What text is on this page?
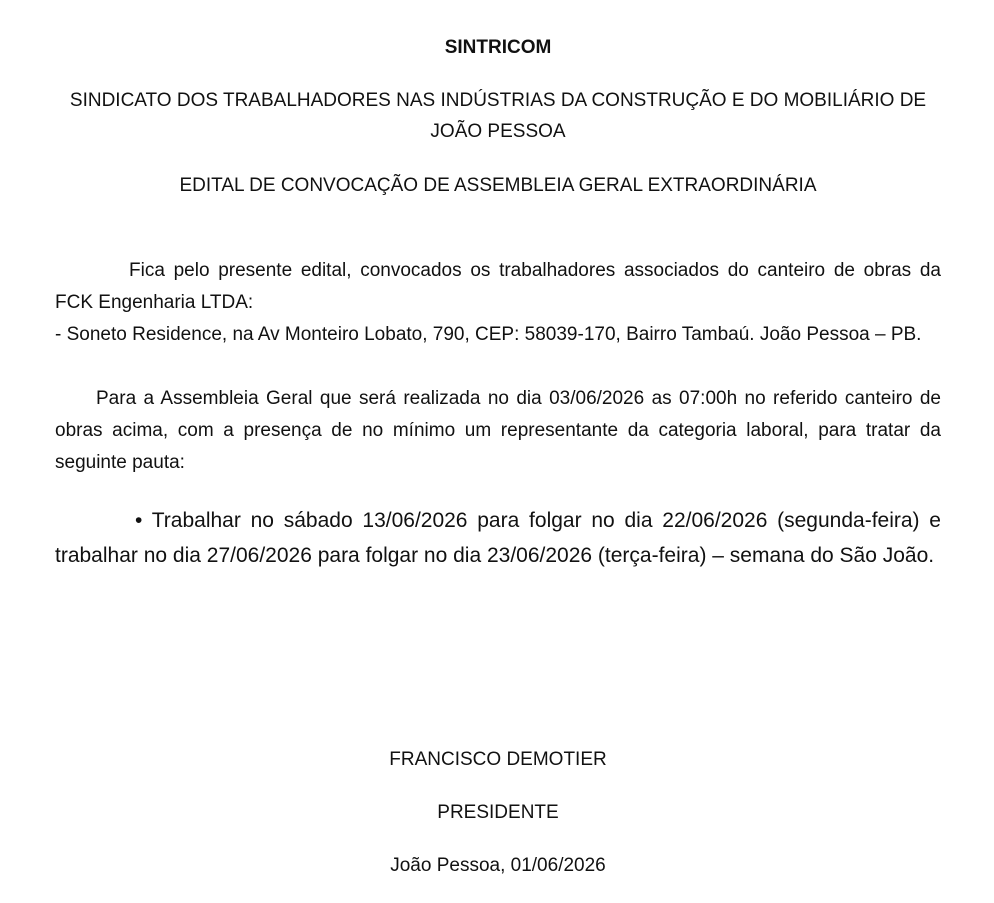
SINTRICOM

SINDICATO DOS TRABALHADORES NAS INDÚSTRIAS DA CONSTRUÇÃO E DO MOBILIÁRIO DE JOÃO PESSOA

EDITAL DE CONVOCAÇÃO DE ASSEMBLEIA GERAL EXTRAORDINÁRIA

Fica pelo presente edital, convocados os trabalhadores associados do canteiro de obras da FCK Engenharia LTDA:

- Soneto Residence, na Av Monteiro Lobato, 790, CEP: 58039-170, Bairro Tambaú. João Pessoa – PB.

Para a Assembleia Geral que será realizada no dia 03/06/2026 as 07:00h no referido canteiro de obras acima, com a presença de no mínimo um representante da categoria laboral, para tratar da seguinte pauta:

• Trabalhar no sábado 13/06/2026 para folgar no dia 22/06/2026 (segunda-feira) e trabalhar no dia 27/06/2026 para folgar no dia 23/06/2026 (terça-feira) – semana do São João.

FRANCISCO DEMOTIER

PRESIDENTE

João Pessoa, 01/06/2026
